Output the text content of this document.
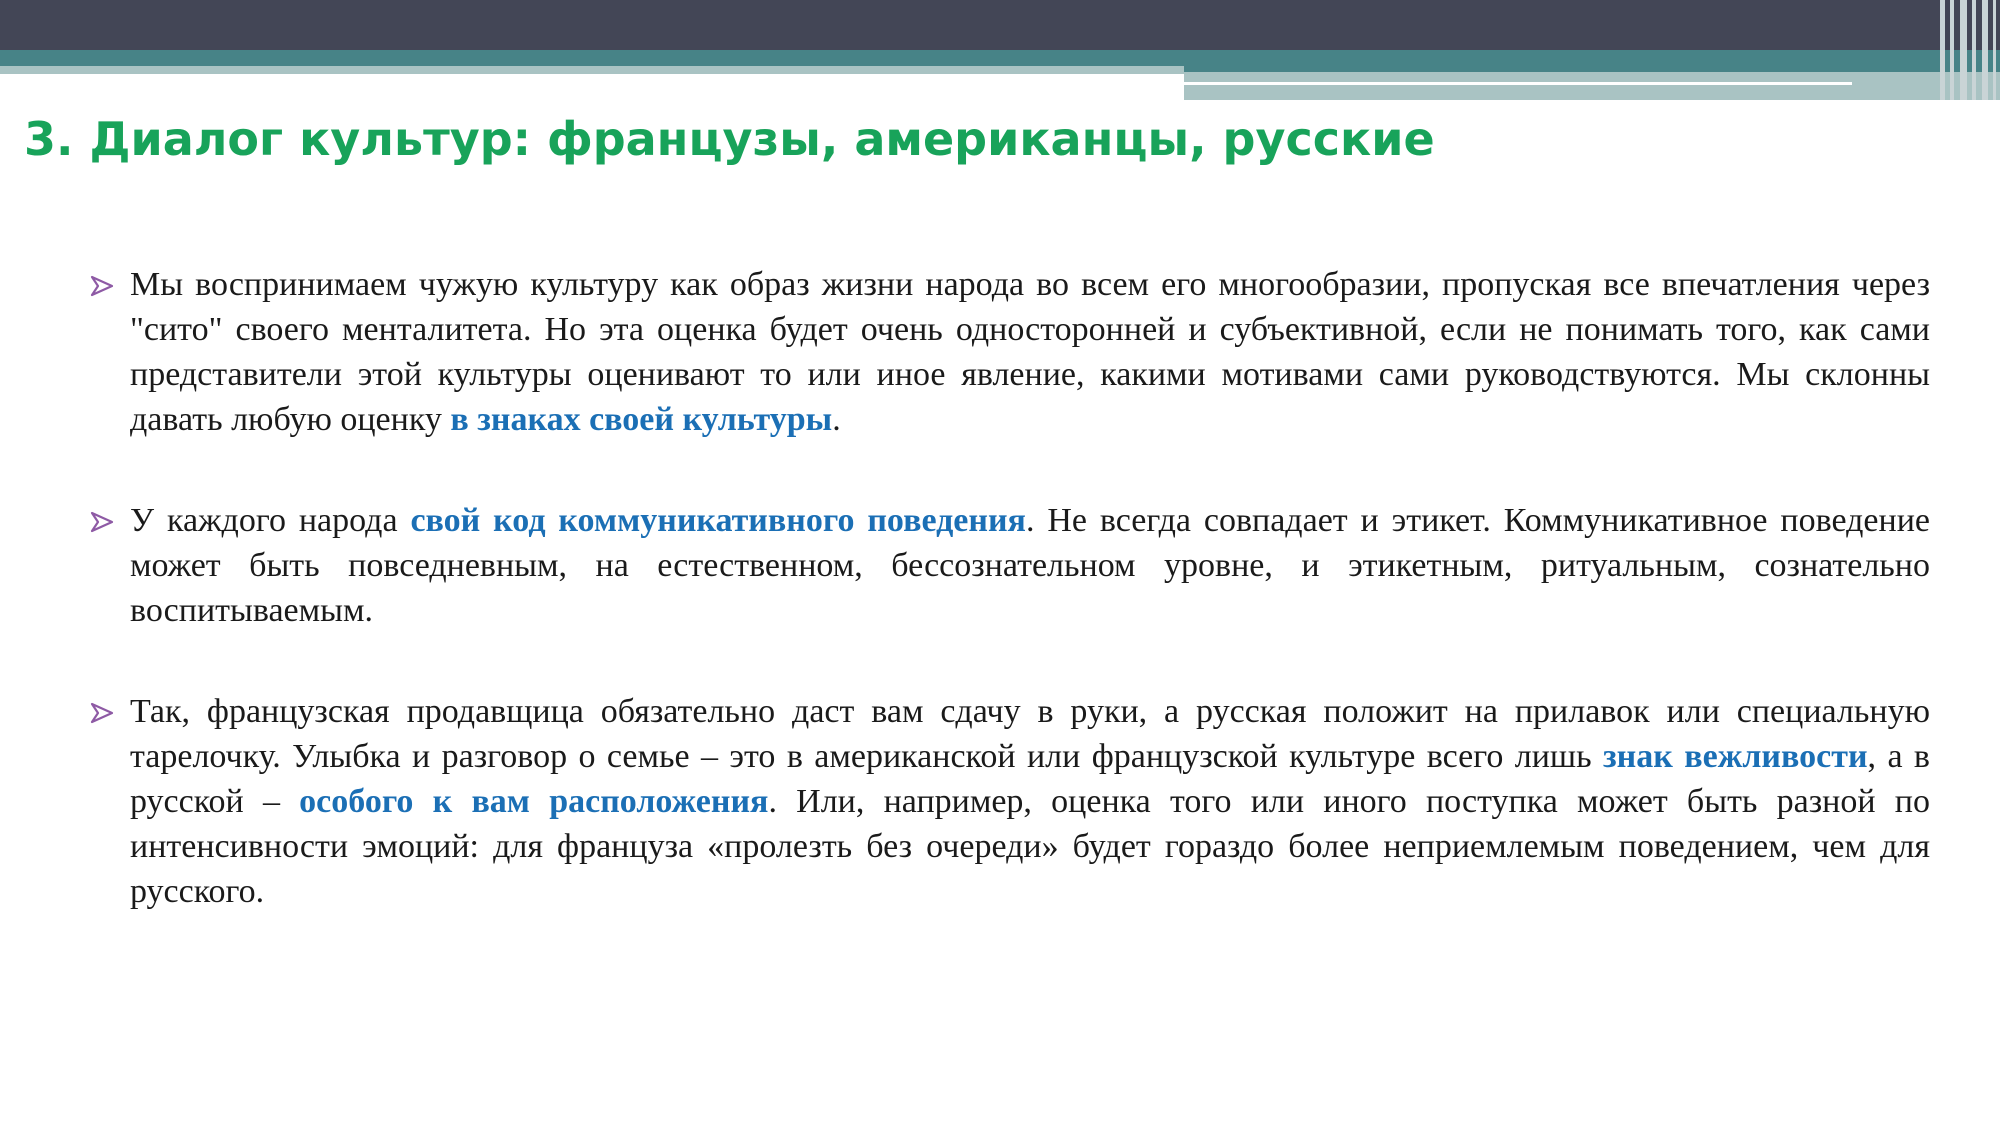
3. Диалог культур: французы, американцы, русские
Мы воспринимаем чужую культуру как образ жизни народа во всем его многообразии, пропуская все впечатления через "сито" своего менталитета. Но эта оценка будет очень односторонней и субъективной, если не понимать того, как сами представители этой культуры оценивают то или иное явление, какими мотивами сами руководствуются. Мы склонны давать любую оценку в знаках своей культуры.
У каждого народа свой код коммуникативного поведения. Не всегда совпадает и этикет. Коммуникативное поведение может быть повседневным, на естественном, бессознательном уровне, и этикетным, ритуальным, сознательно воспитываемым.
Так, французская продавщица обязательно даст вам сдачу в руки, а русская положит на прилавок или специальную тарелочку. Улыбка и разговор о семье – это в американской или французской культуре всего лишь знак вежливости, а в русской – особого к вам расположения. Или, например, оценка того или иного поступка может быть разной по интенсивности эмоций: для француза «пролезть без очереди» будет гораздо более неприемлемым поведением, чем для русского.
